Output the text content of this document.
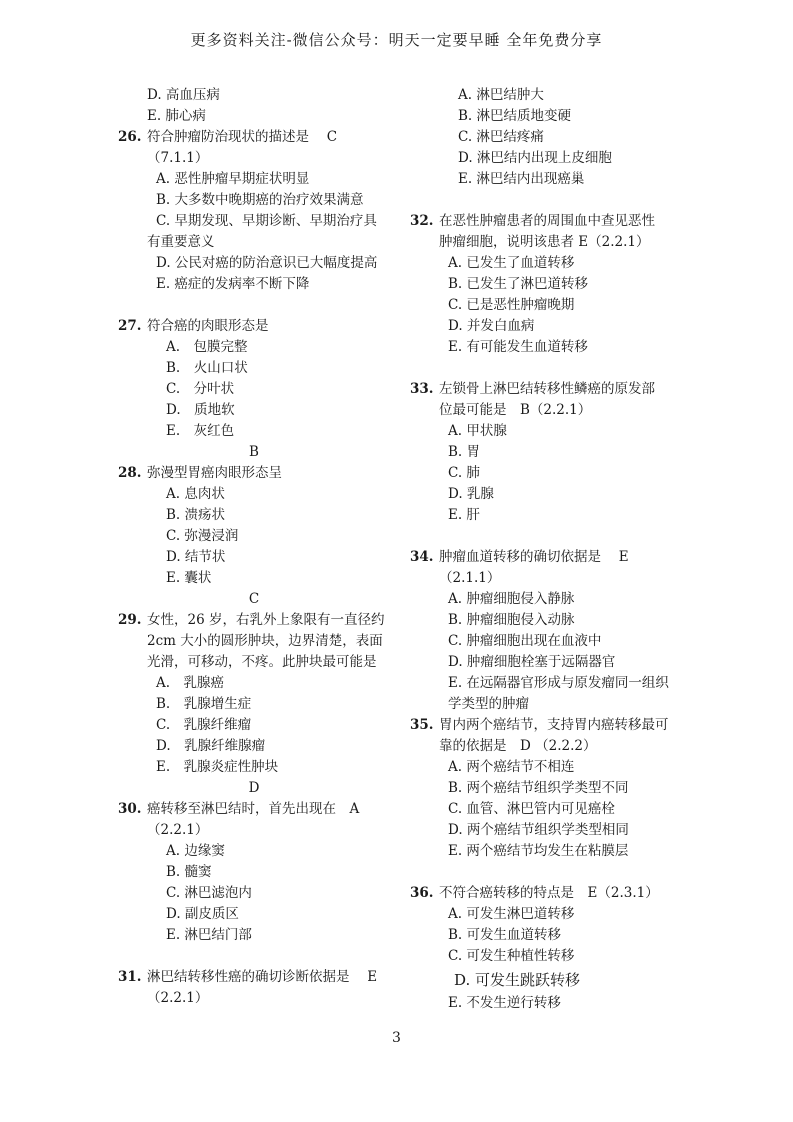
更多资料关注-微信公众号：明天一定要早睡 全年免费分享
D. 高血压病
E. 肺心病
26. 符合肿瘤防治现状的描述是　 C
（7.1.1）
A. 恶性肿瘤早期症状明显
B. 大多数中晚期癌的治疗效果满意
C. 早期发现、早期诊断、早期治疗具
有重要意义
D. 公民对癌的防治意识已大幅度提高
E. 癌症的发病率不断下降
27. 符合癌的肉眼形态是
A.　包膜完整
B.　火山口状
C.　分叶状
D.　质地软
E.　灰红色
B
28. 弥漫型胃癌肉眼形态呈
A. 息肉状
B. 溃疡状
C. 弥漫浸润
D. 结节状
E. 囊状
C
29. 女性，26 岁，右乳外上象限有一直径约
2cm 大小的圆形肿块，边界清楚，表面
光滑，可移动，不疼。此肿块最可能是
A.　乳腺癌
B.　乳腺增生症
C.　乳腺纤维瘤
D.　乳腺纤维腺瘤
E.　乳腺炎症性肿块
D
30. 癌转移至淋巴结时，首先出现在　A
（2.2.1）
A. 边缘窦
B. 髓窦
C. 淋巴滤泡内
D. 副皮质区
E. 淋巴结门部
31. 淋巴结转移性癌的确切诊断依据是　 E
（2.2.1）
A. 淋巴结肿大
B. 淋巴结质地变硬
C. 淋巴结疼痛
D. 淋巴结内出现上皮细胞
E. 淋巴结内出现癌巢
32. 在恶性肿瘤患者的周围血中查见恶性
肿瘤细胞，说明该患者 E（2.2.1）
A. 已发生了血道转移
B. 已发生了淋巴道转移
C. 已是恶性肿瘤晚期
D. 并发白血病
E. 有可能发生血道转移
33. 左锁骨上淋巴结转移性鳞癌的原发部
位最可能是　B（2.2.1）
A. 甲状腺
B. 胃
C. 肺
D. 乳腺
E. 肝
34. 肿瘤血道转移的确切依据是　 E
（2.1.1）
A. 肿瘤细胞侵入静脉
B. 肿瘤细胞侵入动脉
C. 肿瘤细胞出现在血液中
D. 肿瘤细胞栓塞于远隔器官
E. 在远隔器官形成与原发瘤同一组织
学类型的肿瘤
35. 胃内两个癌结节，支持胃内癌转移最可
靠的依据是　D （2.2.2）
A. 两个癌结节不相连
B. 两个癌结节组织学类型不同
C. 血管、淋巴管内可见癌栓
D. 两个癌结节组织学类型相同
E. 两个癌结节均发生在粘膜层
36. 不符合癌转移的特点是　E（2.3.1）
A. 可发生淋巴道转移
B. 可发生血道转移
C. 可发生种植性转移
D. 可发生跳跃转移
E. 不发生逆行转移
3
